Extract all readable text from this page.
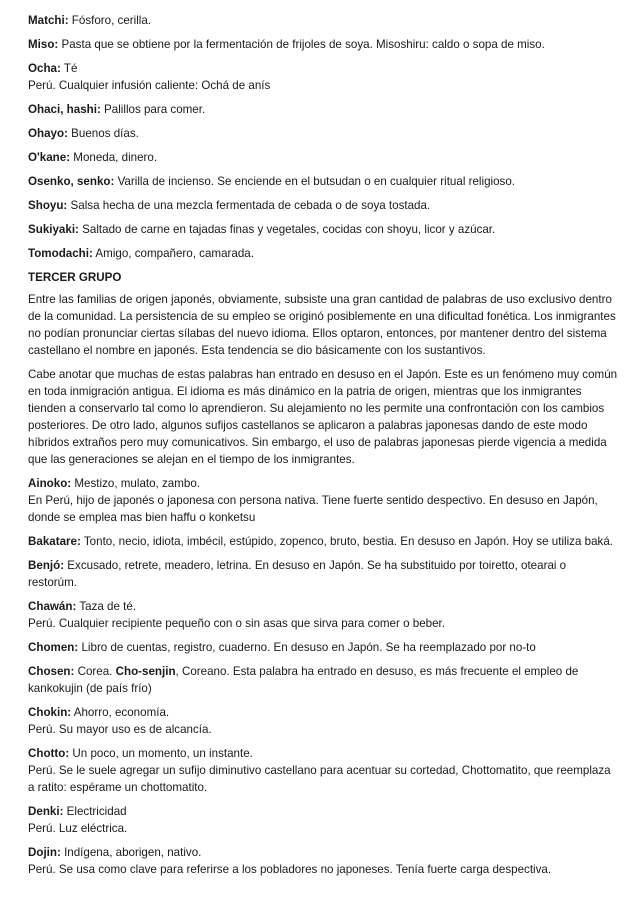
Matchi: Fósforo, cerilla.
Miso: Pasta que se obtiene por la fermentación de frijoles de soya. Misoshiru: caldo o sopa de miso.
Ocha: Té
Perú. Cualquier infusión caliente: Ochá de anís
Ohaci, hashi: Palillos para comer.
Ohayo: Buenos días.
O'kane: Moneda, dinero.
Osenko, senko: Varilla de incienso. Se enciende en el butsudan o en cualquier ritual religioso.
Shoyu: Salsa hecha de una mezcla fermentada de cebada o de soya tostada.
Sukiyaki: Saltado de carne en tajadas finas y vegetales, cocidas con shoyu, licor y azúcar.
Tomodachi: Amigo, compañero, camarada.
TERCER GRUPO
Entre las familias de origen japonés, obviamente, subsiste una gran cantidad de palabras de uso exclusivo dentro de la comunidad. La persistencia de su empleo se originó posiblemente en una dificultad fonética. Los inmigrantes no podían pronunciar ciertas sílabas del nuevo idioma. Ellos optaron, entonces, por mantener dentro del sistema castellano el nombre en japonés. Esta tendencia se dio básicamente con los sustantivos.
Cabe anotar que muchas de estas palabras han entrado en desuso en el Japón. Este es un fenómeno muy común en toda inmigración antigua. El idioma es más dinámico en la patria de origen, mientras que los inmigrantes tienden a conservarlo tal como lo aprendieron. Su alejamiento no les permite una confrontación con los cambios posteriores. De otro lado, algunos sufijos castellanos se aplicaron a palabras japonesas dando de este modo híbridos extraños pero muy comunicativos. Sin embargo, el uso de palabras japonesas pierde vigencia a medida que las generaciones se alejan en el tiempo de los inmigrantes.
Ainoko: Mestizo, mulato, zambo.
En Perú, hijo de japonés o japonesa con persona nativa. Tiene fuerte sentido despectivo. En desuso en Japón, donde se emplea mas bien haffu o konketsu
Bakatare: Tonto, necio, idiota, imbécil, estúpido, zopenco, bruto, bestia. En desuso en Japón. Hoy se utiliza baká.
Benjó: Excusado, retrete, meadero, letrina. En desuso en Japón. Se ha substituido por toiretto, otearai o restorúm.
Chawán: Taza de té.
Perú. Cualquier recipiente pequeño con o sin asas que sirva para comer o beber.
Chomen: Libro de cuentas, registro, cuaderno. En desuso en Japón. Se ha reemplazado por no-to
Chosen: Corea. Cho-senjin, Coreano. Esta palabra ha entrado en desuso, es más frecuente el empleo de kankokujin (de país frío)
Chokin: Ahorro, economía.
Perú. Su mayor uso es de alcancía.
Chotto: Un poco, un momento, un instante.
Perú. Se le suele agregar un sufijo diminutivo castellano para acentuar su cortedad, Chottomatito, que reemplaza a ratito: espérame un chottomatito.
Denki: Electricidad
Perú. Luz eléctrica.
Dojin: Indígena, aborigen, nativo.
Perú. Se usa como clave para referirse a los pobladores no japoneses. Tenía fuerte carga despectiva.
